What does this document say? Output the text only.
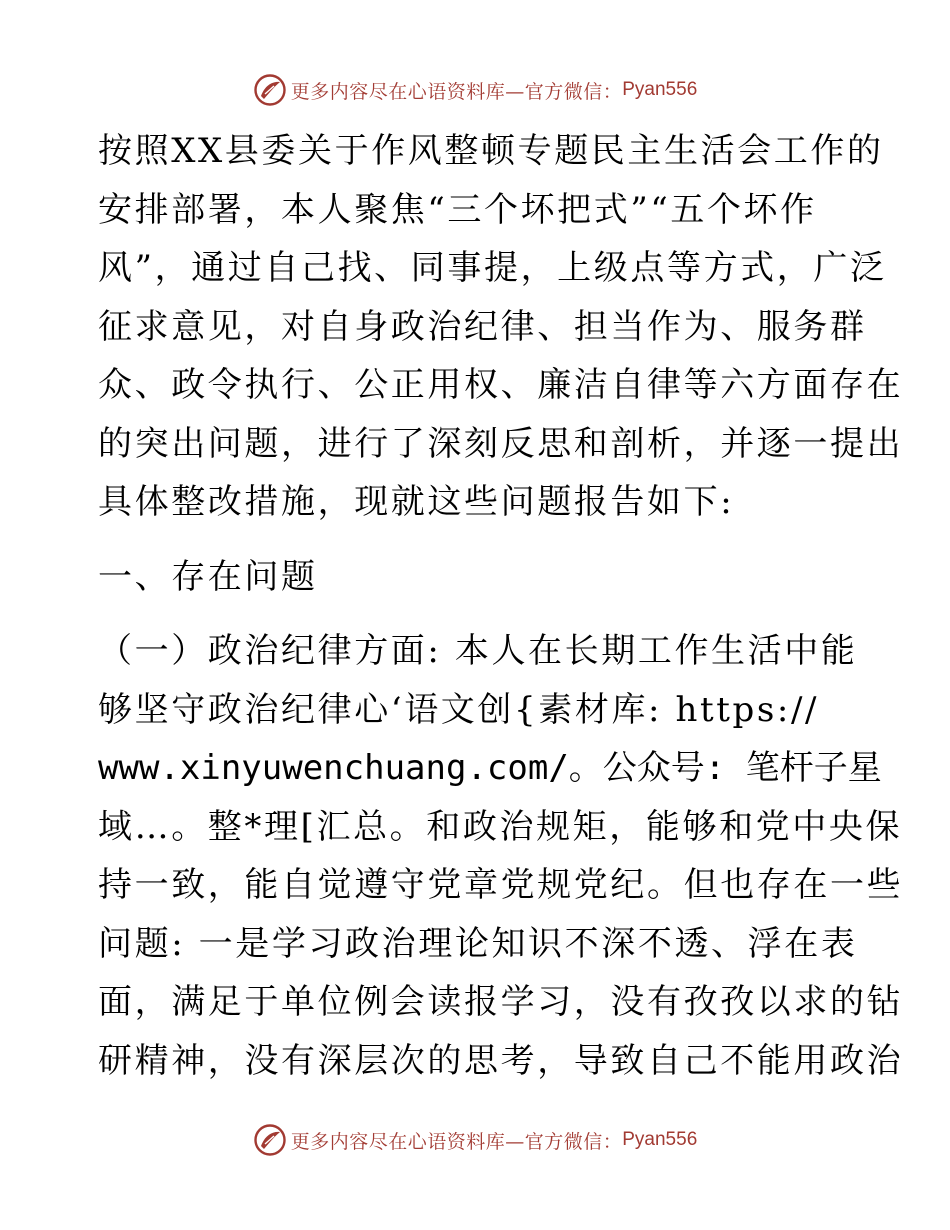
更多内容尽在心语资料库—官方微信： Pyan556
按照XX县委关于作风整顿专题民主生活会工作的
安排部署，本人聚焦“三个坏把式”“五个坏作
风”，通过自己找、同事提，上级点等方式，广泛
征求意见，对自身政治纪律、担当作为、服务群
众、政令执行、公正用权、廉洁自律等六方面存在
的突出问题，进行了深刻反思和剖析，并逐一提出
具体整改措施，现就这些问题报告如下:
一、存在问题
（一）政治纪律方面: 本人在长期工作生活中能
够坚守政治纪律心‘语文创{素材库: https://
www.xinyuwenchuang.com/。公众号: 笔杆子星
域…。整*理[汇总。和政治规矩，能够和党中央保
持一致，能自觉遵守党章党规党纪。但也存在一些
问题: 一是学习政治理论知识不深不透、浮在表
面，满足于单位例会读报学习，没有孜孜以求的钻
研精神，没有深层次的思考，导致自己不能用政治
更多内容尽在心语资料库—官方微信： Pyan556
